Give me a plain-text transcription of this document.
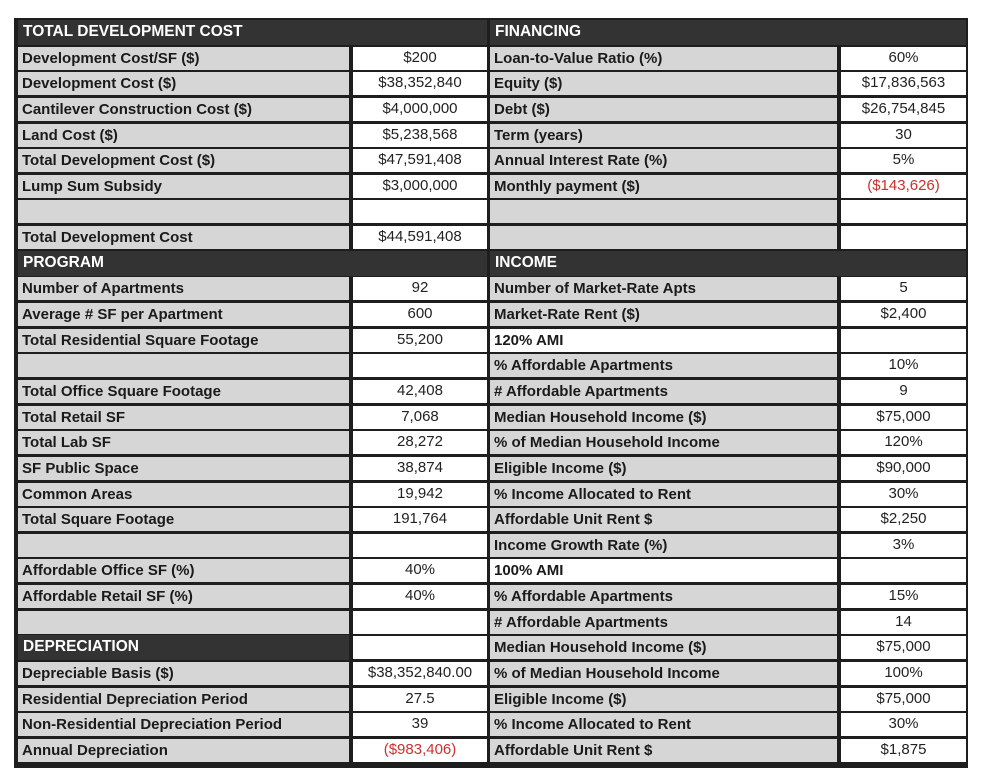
TOTAL DEVELOPMENT COST
Development Cost/SF ($)	$200
Development Cost ($)	$38,352,840
Cantilever Construction Cost ($)	$4,000,000
Land Cost ($)	$5,238,568
Total Development Cost ($)	$47,591,408
Lump Sum Subsidy	$3,000,000
Total Development Cost	$44,591,408
PROGRAM
Number of Apartments	92
Average # SF per Apartment	600
Total Residential Square Footage	55,200
Total Office Square Footage	42,408
Total Retail SF	7,068
Total Lab SF	28,272
SF Public Space	38,874
Common Areas	19,942
Total Square Footage	191,764
Affordable Office SF (%)	40%
Affordable Retail SF (%)	40%
DEPRECIATION
Depreciable Basis ($)	$38,352,840.00
Residential Depreciation Period	27.5
Non-Residential Depreciation Period	39
Annual Depreciation	($983,406)
FINANCING
Loan-to-Value Ratio (%)	60%
Equity ($)	$17,836,563
Debt ($)	$26,754,845
Term (years)	30
Annual Interest Rate (%)	5%
Monthly payment ($)	($143,626)
INCOME
Number of Market-Rate Apts	5
Market-Rate Rent ($)	$2,400
120% AMI
% Affordable Apartments	10%
# Affordable Apartments	9
Median Household Income ($)	$75,000
% of Median Household Income	120%
Eligible Income ($)	$90,000
% Income Allocated to Rent	30%
Affordable Unit Rent $	$2,250
Income Growth Rate (%)	3%
100% AMI
% Affordable Apartments	15%
# Affordable Apartments	14
Median Household Income ($)	$75,000
% of Median Household Income	100%
Eligible Income ($)	$75,000
% Income Allocated to Rent	30%
Affordable Unit Rent $	$1,875
